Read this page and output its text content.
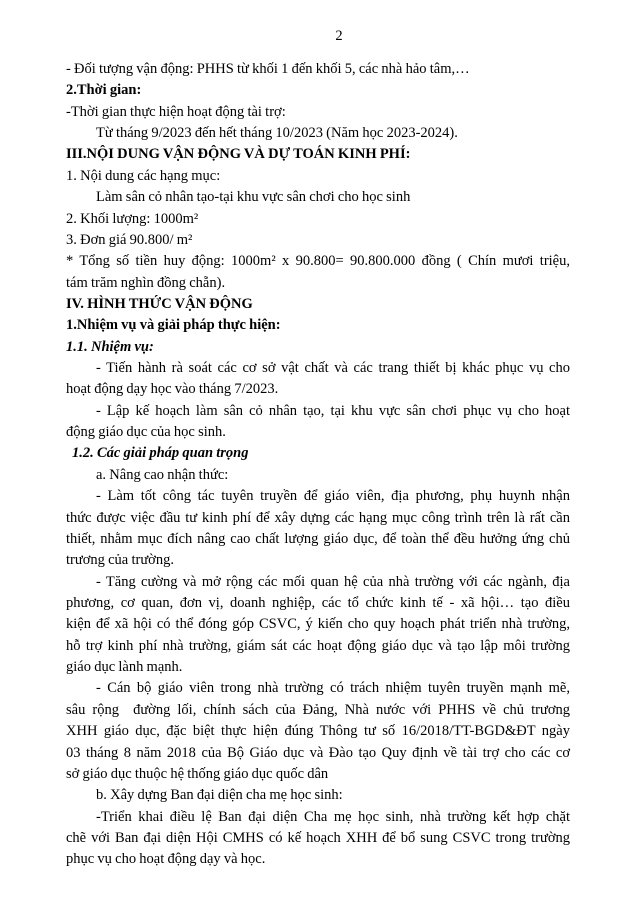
2
- Đối tượng vận động: PHHS từ khối 1 đến khối 5, các nhà hảo tâm,…
2.Thời gian:
-Thời gian thực hiện hoạt động tài trợ:
Từ tháng 9/2023 đến hết tháng 10/2023 (Năm học 2023-2024).
III.NỘI DUNG VẬN ĐỘNG VÀ DỰ TOÁN KINH PHÍ:
1. Nội dung các hạng mục:
Làm sân cỏ nhân tạo-tại khu vực sân chơi cho học sinh
2. Khối lượng: 1000m²
3. Đơn giá 90.800/ m²
* Tổng số tiền huy động: 1000m² x 90.800= 90.800.000 đồng ( Chín mươi triệu,
tám trăm nghìn đồng chẵn).
IV. HÌNH THỨC VẬN ĐỘNG
1.Nhiệm vụ và giải pháp thực hiện:
1.1. Nhiệm vụ:
- Tiến hành rà soát các cơ sở vật chất và các trang thiết bị khác phục vụ cho
hoạt động dạy học vào tháng 7/2023.
- Lập kế hoạch làm sân cỏ nhân tạo, tại khu vực sân chơi phục vụ cho hoạt
động giáo dục của học sinh.
1.2. Các giải pháp quan trọng
a. Nâng cao nhận thức:
- Làm tốt công tác tuyên truyền để giáo viên, địa phương, phụ huynh nhận
thức được việc đầu tư kinh phí để xây dựng các hạng mục công trình trên là rất cần
thiết, nhằm mục đích nâng cao chất lượng giáo dục, để toàn thể đều hưởng ứng chủ
trương của trường.
- Tăng cường và mở rộng các mối quan hệ của nhà trường với các ngành, địa
phương, cơ quan, đơn vị, doanh nghiệp, các tổ chức kinh tế - xã hội… tạo điều
kiện để xã hội có thể đóng góp CSVC, ý kiến cho quy hoạch phát triển nhà trường,
hỗ trợ kinh phí nhà trường, giám sát các hoạt động giáo dục và tạo lập môi trường
giáo dục lành mạnh.
- Cán bộ giáo viên trong nhà trường có trách nhiệm tuyên truyền mạnh mẽ,
sâu rộng  đường lối, chính sách của Đảng, Nhà nước với PHHS về chủ trương
XHH giáo dục, đặc biệt thực hiện đúng Thông tư số 16/2018/TT-BGD&ĐT ngày
03 tháng 8 năm 2018 của Bộ Giáo dục và Đào tạo Quy định về tài trợ cho các cơ
sở giáo dục thuộc hệ thống giáo dục quốc dân
b. Xây dựng Ban đại diện cha mẹ học sinh:
-Triển khai điều lệ Ban đại diện Cha mẹ học sinh, nhà trường kết hợp chặt
chẽ với Ban đại diện Hội CMHS có kế hoạch XHH để bổ sung CSVC trong trường
phục vụ cho hoạt động dạy và học.
